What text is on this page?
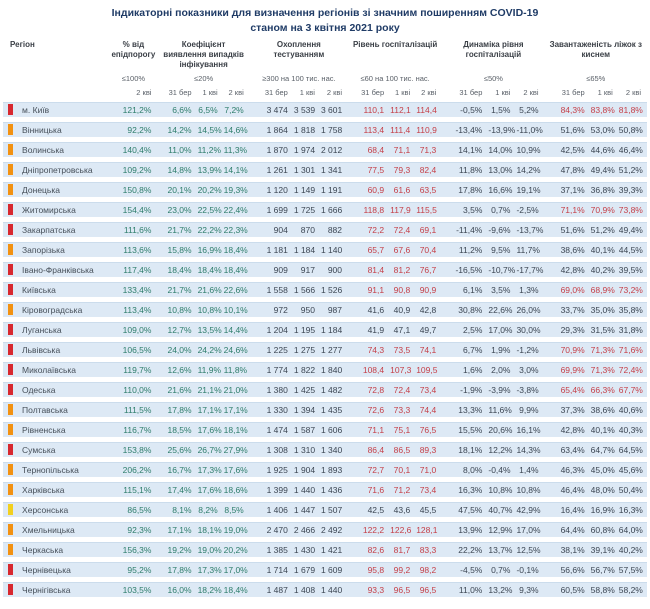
Індикаторні показники для визначення регіонів зі значним поширенням COVID-19
станом на 3 квітня 2021 року
Регіон		% від епідпорогу	Коефіцієнт виявлення випадків інфікування			Охоплення тестуванням			Рівень госпіталізацій			Динаміка рівня госпіталізацій			Завантаженість ліжок з киснем		
		≤100%	≤20%			≥300 на 100 тис. нас.			≤60 на 100 тис. нас.			≤50%			≤65%		
		2 кві	31 бер	1 кві	2 кві	31 бер	1 кві	2 кві	31 бер	1 кві	2 кві	31 бер	1 кві	2 кві	31 бер	1 кві	2 кві

	м. Київ	121,2%	6,6%	6,5%	7,2%	3 474	3 539	3 601	110,1	112,1	114,4	-0,5%	1,5%	5,2%	84,3%	83,8%	81,8%

	Вінницька	92,2%	14,2%	14,5%	14,6%	1 864	1 818	1 758	113,4	111,4	110,9	-13,4%	-13,9%	-11,0%	51,6%	53,0%	50,8%

	Волинська	140,4%	11,0%	11,2%	11,3%	1 870	1 974	2 012	68,4	71,1	71,3	14,1%	14,0%	10,9%	42,5%	44,6%	46,4%

	Дніпропетровська	109,2%	14,8%	13,9%	14,1%	1 261	1 301	1 341	77,5	79,3	82,4	11,8%	13,0%	14,2%	47,8%	49,4%	51,2%

	Донецька	150,8%	20,1%	20,2%	19,3%	1 120	1 149	1 191	60,9	61,6	63,5	17,8%	16,6%	19,1%	37,1%	36,8%	39,3%

	Житомирська	154,4%	23,0%	22,5%	22,4%	1 699	1 725	1 666	118,8	117,9	115,5	3,5%	0,7%	-2,5%	71,1%	70,9%	73,8%

	Закарпатська	111,6%	21,7%	22,2%	22,3%	904	870	882	72,2	72,4	69,1	-11,4%	-9,6%	-13,7%	51,6%	51,2%	49,4%

	Запорізька	113,6%	15,8%	16,9%	18,4%	1 181	1 184	1 140	65,7	67,6	70,4	11,2%	9,5%	11,7%	38,6%	40,1%	44,5%

	Івано-Франківська	117,4%	18,4%	18,4%	18,4%	909	917	900	81,4	81,2	76,7	-16,5%	-10,7%	-17,7%	42,8%	40,2%	39,5%

	Київська	133,4%	21,7%	21,6%	22,6%	1 558	1 566	1 526	91,1	90,8	90,9	6,1%	3,5%	1,3%	69,0%	68,9%	73,2%

	Кіровоградська	113,4%	10,8%	10,8%	10,1%	972	950	987	41,6	40,9	42,8	30,8%	22,6%	26,0%	33,7%	35,0%	35,8%

	Луганська	109,0%	12,7%	13,5%	14,4%	1 204	1 195	1 184	41,9	47,1	49,7	2,5%	17,0%	30,0%	29,3%	31,5%	31,8%

	Львівська	106,5%	24,0%	24,2%	24,6%	1 225	1 275	1 277	74,3	73,5	74,1	6,7%	1,9%	-1,2%	70,9%	71,3%	71,6%

	Миколаївська	119,7%	12,6%	11,9%	11,8%	1 774	1 822	1 840	108,4	107,3	109,5	1,6%	2,0%	3,0%	69,9%	71,3%	72,4%

	Одеська	110,0%	21,6%	21,1%	21,0%	1 380	1 425	1 482	72,8	72,4	73,4	-1,9%	-3,9%	-3,8%	65,4%	66,3%	67,7%

	Полтавська	111,5%	17,8%	17,1%	17,1%	1 330	1 394	1 435	72,6	73,3	74,4	13,3%	11,6%	9,9%	37,3%	38,6%	40,6%

	Рівненська	116,7%	18,5%	17,6%	18,1%	1 474	1 587	1 606	71,1	75,1	76,5	15,5%	20,6%	16,1%	42,8%	40,1%	40,3%

	Сумська	153,8%	25,6%	26,7%	27,9%	1 308	1 310	1 340	86,4	86,5	89,3	18,1%	12,2%	14,3%	63,4%	64,7%	64,5%

	Тернопільська	206,2%	16,7%	17,3%	17,6%	1 925	1 904	1 893	72,7	70,1	71,0	8,0%	-0,4%	1,4%	46,3%	45,0%	45,6%

	Харківська	115,1%	17,4%	17,6%	18,6%	1 399	1 440	1 436	71,6	71,2	73,4	16,3%	10,8%	10,8%	46,4%	48,0%	50,4%

	Херсонська	86,5%	8,1%	8,2%	8,5%	1 406	1 447	1 507	42,5	43,6	45,5	47,5%	40,7%	42,9%	16,4%	16,9%	16,3%

	Хмельницька	92,3%	17,1%	18,1%	19,0%	2 470	2 466	2 492	122,2	122,6	128,1	13,9%	12,9%	17,0%	64,4%	60,8%	64,0%

	Черкаська	156,3%	19,2%	19,0%	20,2%	1 385	1 430	1 421	82,6	81,7	83,3	22,2%	13,7%	12,5%	38,1%	39,1%	40,2%

	Чернівецька	95,2%	17,8%	17,3%	17,0%	1 714	1 679	1 609	95,8	99,2	98,2	-4,5%	0,7%	-0,1%	56,6%	56,7%	57,5%

	Чернігівська	103,5%	16,0%	18,2%	18,4%	1 487	1 408	1 440	93,3	96,5	96,5	11,0%	13,2%	9,3%	60,5%	58,8%	58,2%
